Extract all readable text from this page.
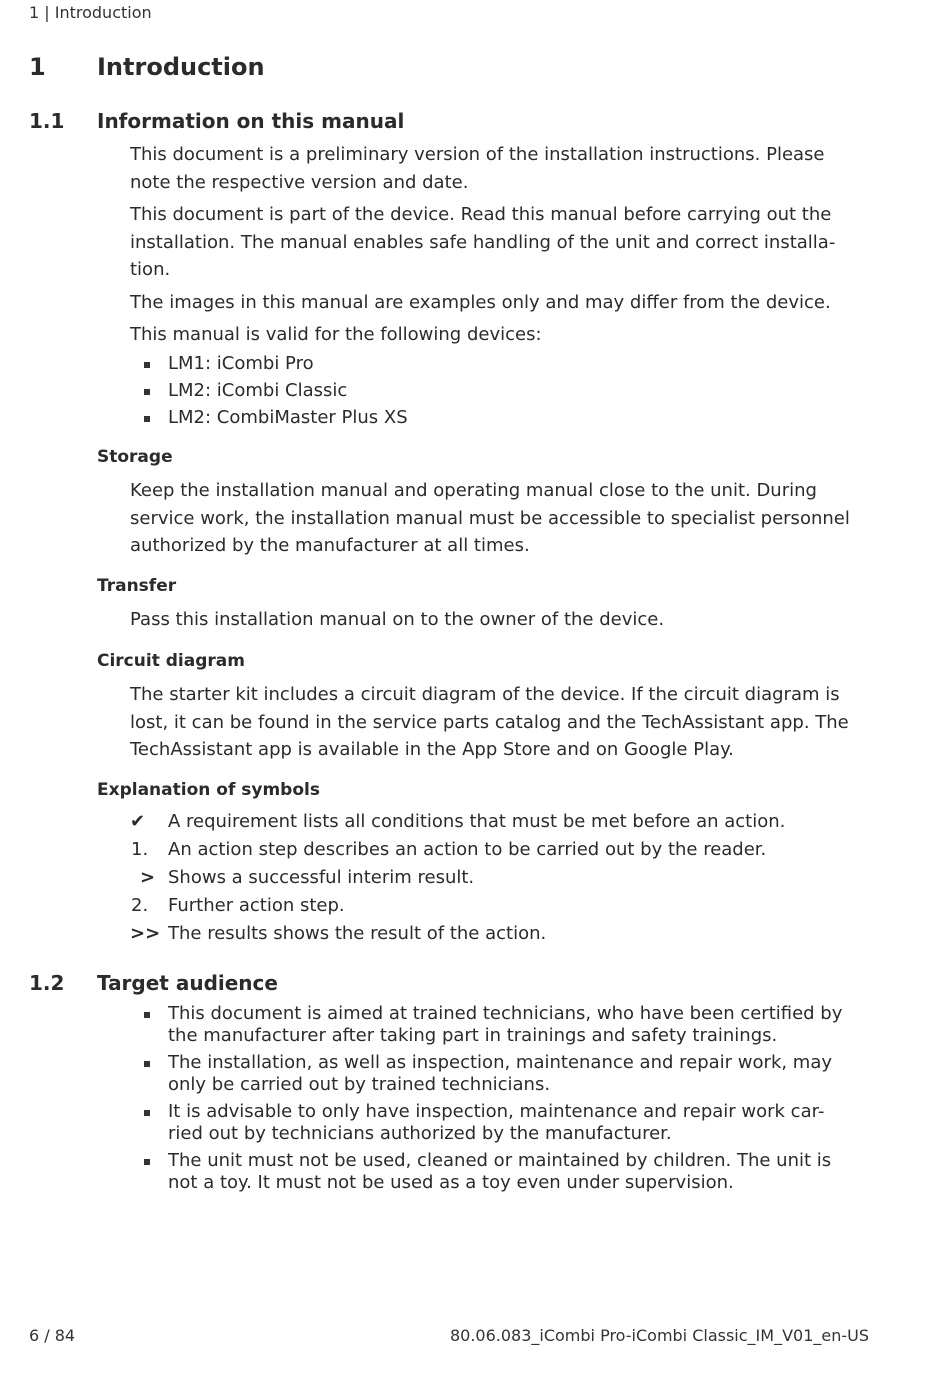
1 | Introduction
1 Introduction
1.1 Information on this manual
This document is a preliminary version of the installation instructions. Please
note the respective version and date.
This document is part of the device. Read this manual before carrying out the
installation. The manual enables safe handling of the unit and correct installa-
tion.
The images in this manual are examples only and may differ from the device.
This manual is valid for the following devices:
LM1: iCombi Pro
LM2: iCombi Classic
LM2: CombiMaster Plus XS
Storage
Keep the installation manual and operating manual close to the unit. During
service work, the installation manual must be accessible to specialist personnel
authorized by the manufacturer at all times.
Transfer
Pass this installation manual on to the owner of the device.
Circuit diagram
The starter kit includes a circuit diagram of the device. If the circuit diagram is
lost, it can be found in the service parts catalog and the TechAssistant app. The
TechAssistant app is available in the App Store and on Google Play.
Explanation of symbols
✔ A requirement lists all conditions that must be met before an action.
1. An action step describes an action to be carried out by the reader.
> Shows a successful interim result.
2. Further action step.
>> The results shows the result of the action.
1.2 Target audience
This document is aimed at trained technicians, who have been certified by
the manufacturer after taking part in trainings and safety trainings.
The installation, as well as inspection, maintenance and repair work, may
only be carried out by trained technicians.
It is advisable to only have inspection, maintenance and repair work car-
ried out by technicians authorized by the manufacturer.
The unit must not be used, cleaned or maintained by children. The unit is
not a toy. It must not be used as a toy even under supervision.
6 / 84	80.06.083_iCombi Pro-iCombi Classic_IM_V01_en-US
